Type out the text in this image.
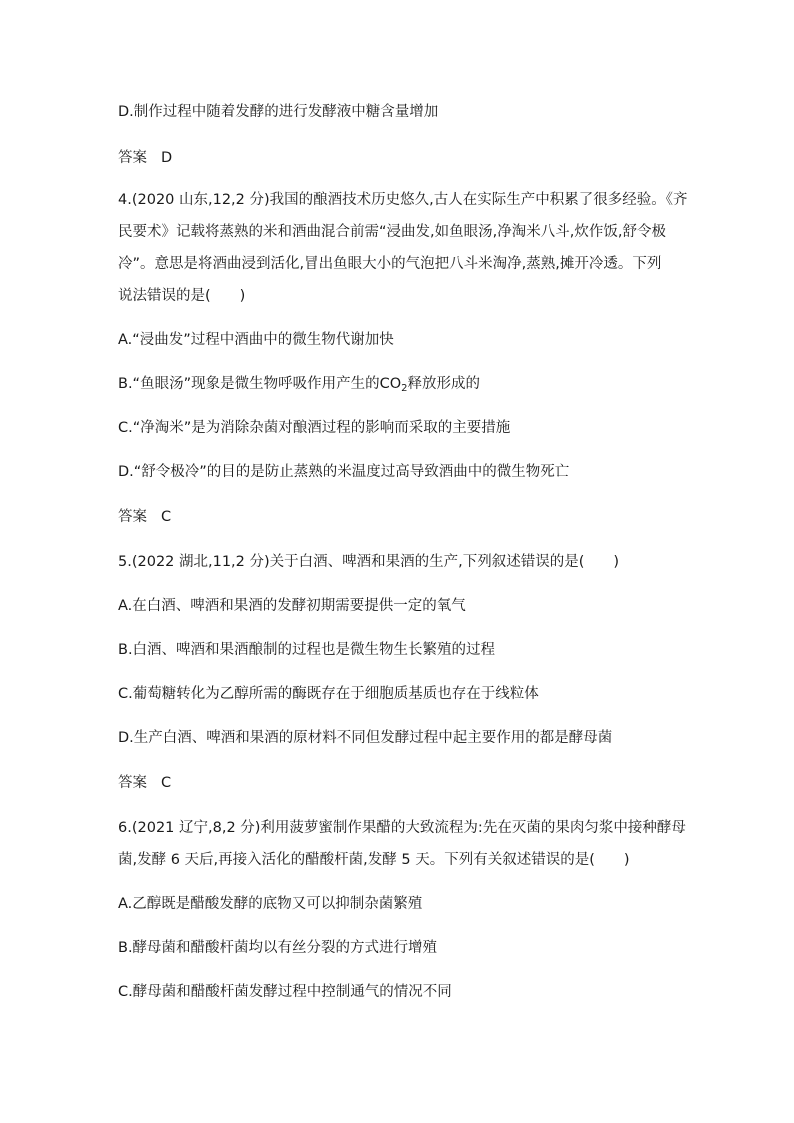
D.制作过程中随着发酵的进行发酵液中糖含量增加
答案 D
4.(2020 山东,12,2 分)我国的酿酒技术历史悠久,古人在实际生产中积累了很多经验。《齐
民要术》记载将蒸熟的米和酒曲混合前需“浸曲发,如鱼眼汤,净淘米八斗,炊作饭,舒令极
冷”。意思是将酒曲浸到活化,冒出鱼眼大小的气泡把八斗米淘净,蒸熟,摊开冷透。下列
说法错误的是(　　)
A.“浸曲发”过程中酒曲中的微生物代谢加快
B.“鱼眼汤”现象是微生物呼吸作用产生的$CO_2$释放形成的
C.“净淘米”是为消除杂菌对酿酒过程的影响而采取的主要措施
D.“舒令极冷”的目的是防止蒸熟的米温度过高导致酒曲中的微生物死亡
答案 C
5.(2022 湖北,11,2 分)关于白酒、啤酒和果酒的生产,下列叙述错误的是(　　)
A.在白酒、啤酒和果酒的发酵初期需要提供一定的氧气
B.白酒、啤酒和果酒酿制的过程也是微生物生长繁殖的过程
C.葡萄糖转化为乙醇所需的酶既存在于细胞质基质也存在于线粒体
D.生产白酒、啤酒和果酒的原材料不同但发酵过程中起主要作用的都是酵母菌
答案 C
6.(2021 辽宁,8,2 分)利用菠萝蜜制作果醋的大致流程为:先在灭菌的果肉匀浆中接种酵母
菌,发酵 6 天后,再接入活化的醋酸杆菌,发酵 5 天。下列有关叙述错误的是(　　)
A.乙醇既是醋酸发酵的底物又可以抑制杂菌繁殖
B.酵母菌和醋酸杆菌均以有丝分裂的方式进行增殖
C.酵母菌和醋酸杆菌发酵过程中控制通气的情况不同
